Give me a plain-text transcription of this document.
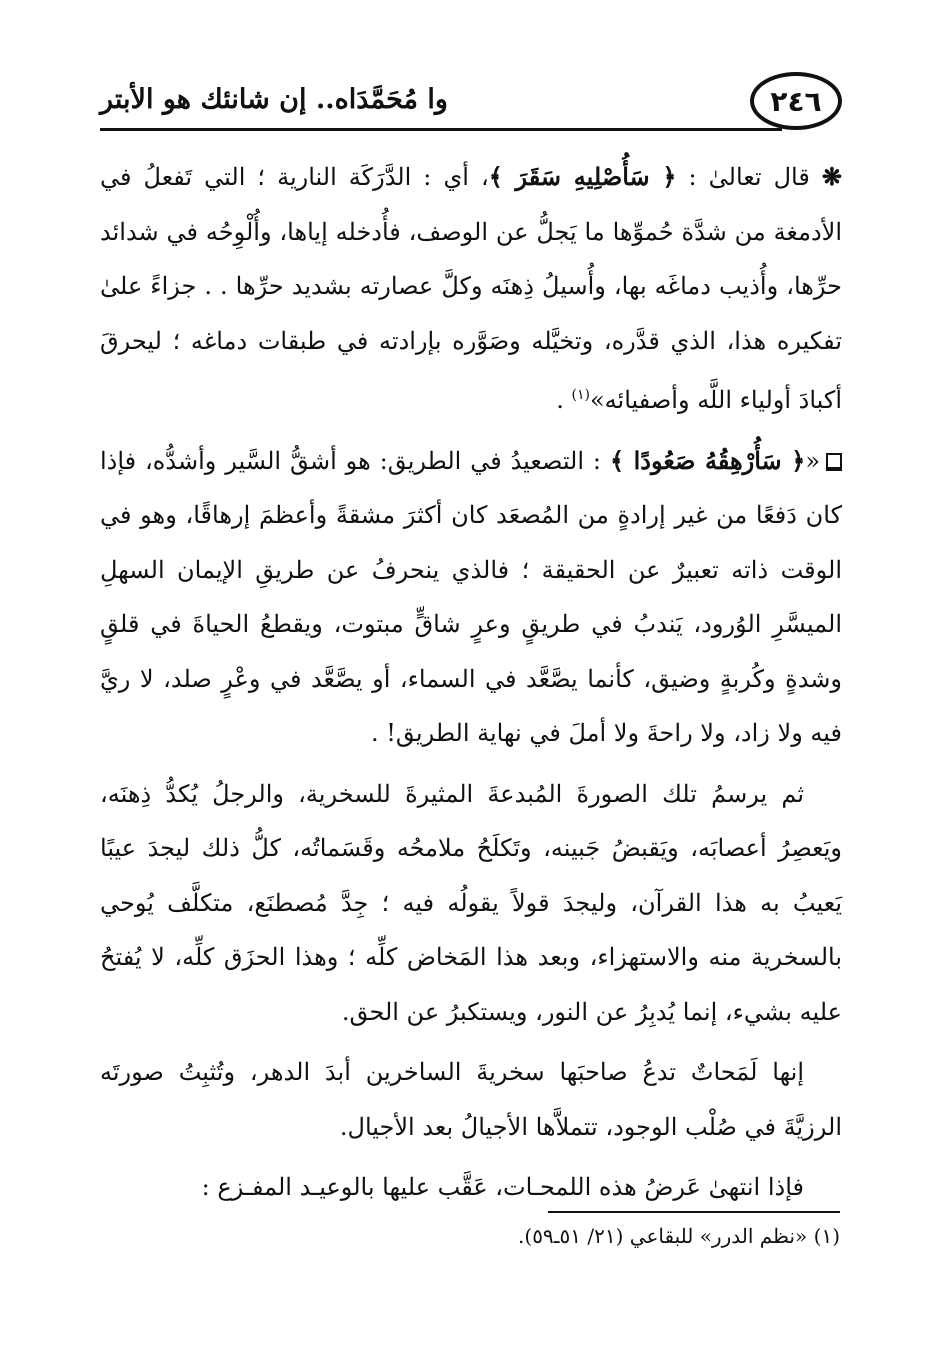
٢٤٦
وا مُحَمَّدَاه.. إن شانئك هو الأبتر

❋ قال تعالىٰ : ﴿ سَأُصْلِيهِ سَقَرَ ﴾، أي : الدَّرَكَة النارية ؛ التي تَفعلُ في الأدمغة من شدَّة حُموِّها ما يَجلُّ عن الوصف، فأُدخله إياها، وأُلْوِحُه في شدائد حرِّها، وأُذيب دماغَه بها، وأُسيلُ ذِهنَه وكلَّ عصارته بشديد حرِّها . . جزاءً علىٰ تفكيره هذا، الذي قدَّره، وتخيَّله وصَوَّره بإرادته في طبقات دماغه ؛ ليحرقَ أكبادَ أولياء اللَّه وأصفيائه»$^{(١)}$ .

«﴿ سَأُرْهِقُهُ صَعُودًا ﴾ : التصعيدُ في الطريق: هو أشقُّ السَّير وأشدُّه، فإذا كان دَفعًا من غير إرادةٍ من المُصعَد كان أكثرَ مشقةً وأعظمَ إرهاقًا، وهو في الوقت ذاته تعبيرٌ عن الحقيقة ؛ فالذي ينحرفُ عن طريقِ الإيمان السهلِ الميسَّرِ الوُرود، يَندبُ في طريقٍ وعرٍ شاقٍّ مبتوت، ويقطعُ الحياةَ في قلقٍ وشدةٍ وكُربةٍ وضيق، كأنما يصَّعَّد في السماء، أو يصَّعَّد في وعْرٍ صلد، لا ريَّ فيه ولا زاد، ولا راحةَ ولا أملَ في نهاية الطريق! .

ثم يرسمُ تلك الصورةَ المُبدعةَ المثيرةَ للسخرية، والرجلُ يُكدُّ ذِهنَه، ويَعصِرُ أعصابَه، ويَقبضُ جَبينه، وتَكلَحُ ملامحُه وقَسَماتُه، كلُّ ذلك ليجدَ عيبًا يَعيبُ به هذا القرآن، وليجدَ قولاً يقولُه فيه ؛ جِدَّ مُصطنَع، متكلَّف يُوحي بالسخرية منه والاستهزاء، وبعد هذا المَخاض كلِّه ؛ وهذا الحزَق كلِّه، لا يُفتحُ عليه بشيء، إنما يُدبِرُ عن النور، ويستكبرُ عن الحق.

إنها لَمَحاتٌ تدعُ صاحبَها سخريةَ الساخرين أبدَ الدهر، وتُثبِتُ صورتَه الرزيَّةَ في صُلْب الوجود، تتملاَّها الأجيالُ بعد الأجيال.

فإذا انتهىٰ عَرضُ هذه اللمحـات، عَقَّب عليها بالوعيـد المفـزع :

(١) «نظم الدرر» للبقاعي (٢١/ ٥١ـ٥٩).
